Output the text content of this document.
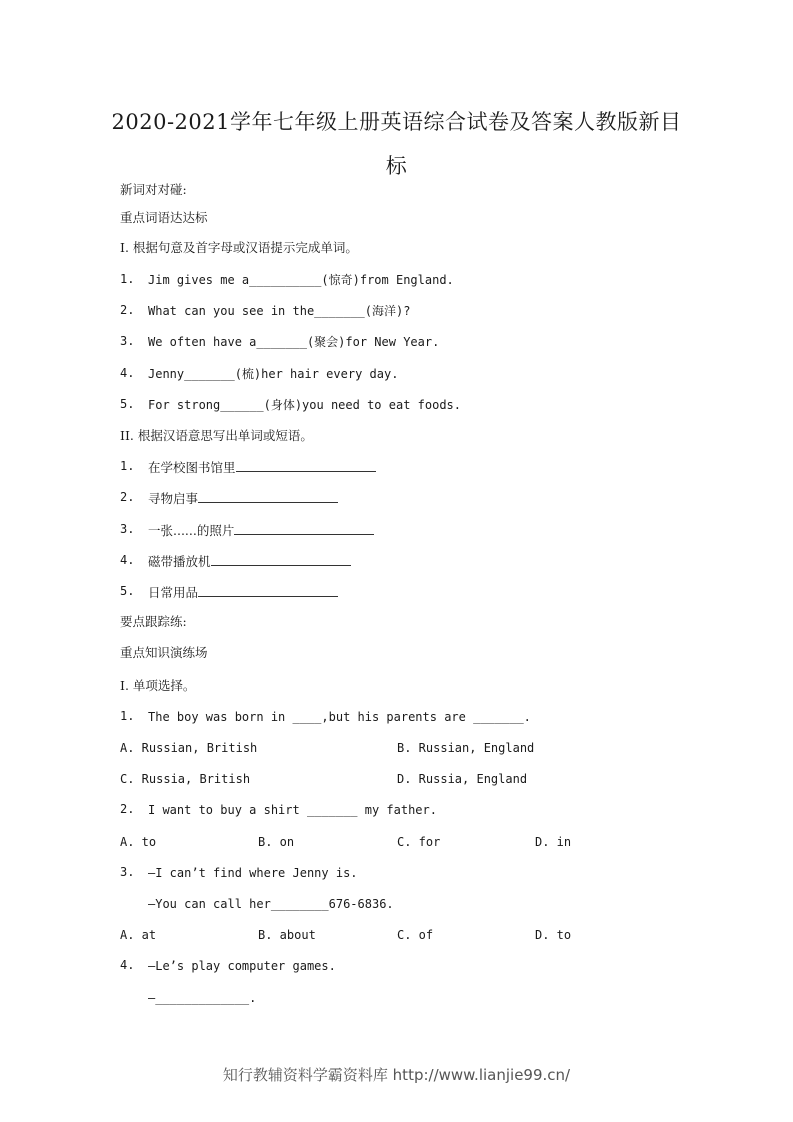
2020-2021学年七年级上册英语综合试卷及答案人教版新目
标
新词对对碰:
重点词语达达标
I. 根据句意及首字母或汉语提示完成单词。
1. Jim gives me a__________(惊奇)from England.
2. What can you see in the_______(海洋)?
3. We often have a_______(聚会)for New Year.
4. Jenny_______(梳)her hair every day.
5. For strong______(身体)you need to eat foods.
II. 根据汉语意思写出单词或短语。
1. 在学校图书馆里
2. 寻物启事
3. 一张......的照片
4. 磁带播放机
5. 日常用品
要点跟踪练:
重点知识演练场
I. 单项选择。
1. The boy was born in ____,but his parents are _______.
A. Russian, British	B. Russian, England
C. Russia, British	D. Russia, England
2. I want to buy a shirt _______ my father.
A. to	B. on	C. for	D. in
3. —I can’t find where Jenny is.
—You can call her________676-6836.
A. at	B. about	C. of	D. to
4. —Le’s play computer games.
—_____________.
知行教辅资料学霸资料库 http://www.lianjie99.cn/
